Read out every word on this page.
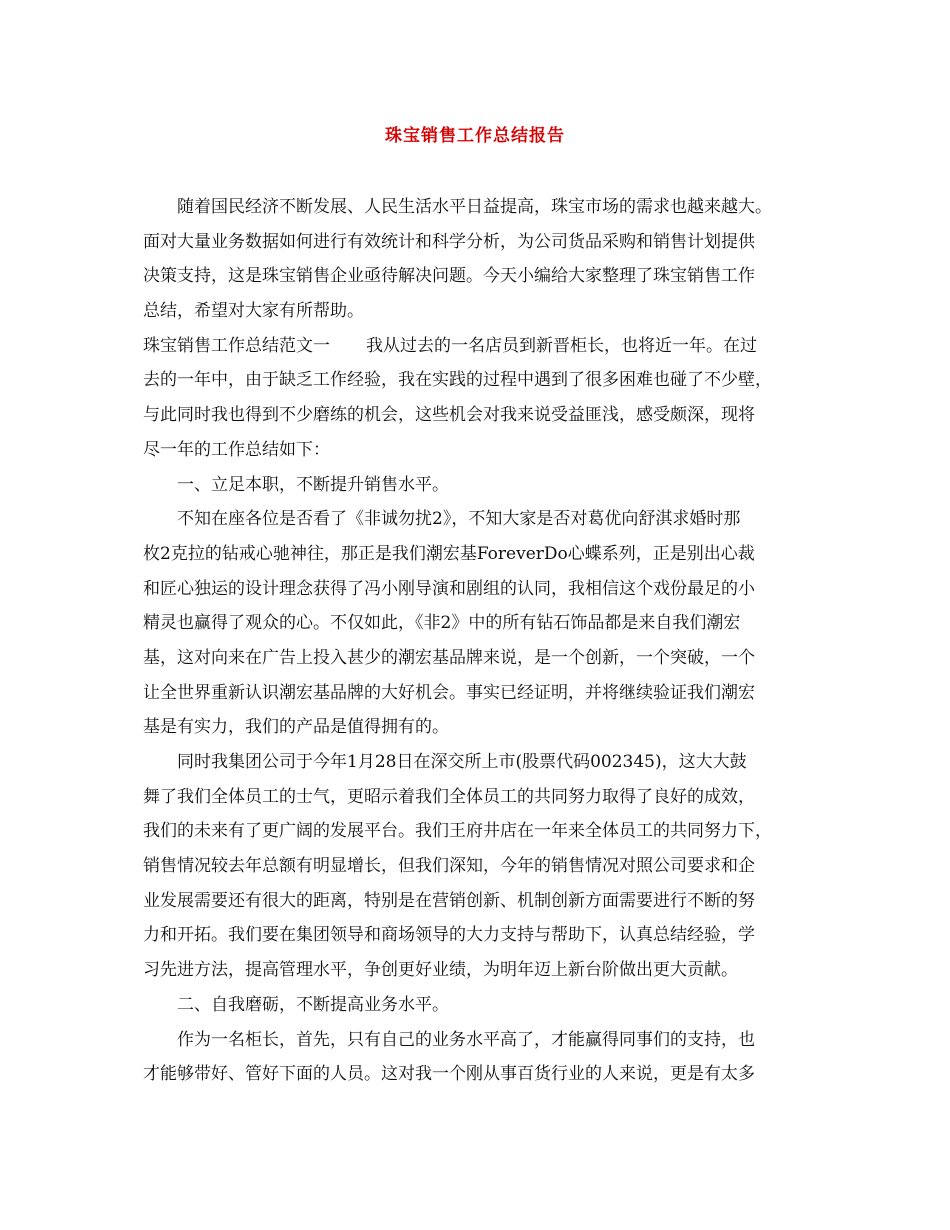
珠宝销售工作总结报告
随着国民经济不断发展、人民生活水平日益提高，珠宝市场的需求也越来越大。
面对大量业务数据如何进行有效统计和科学分析，为公司货品采购和销售计划提供
决策支持，这是珠宝销售企业亟待解决问题。今天小编给大家整理了珠宝销售工作
总结，希望对大家有所帮助。
珠宝销售工作总结范文一 我从过去的一名店员到新晋柜长，也将近一年。在过
去的一年中，由于缺乏工作经验，我在实践的过程中遇到了很多困难也碰了不少壁，
与此同时我也得到不少磨练的机会，这些机会对我来说受益匪浅，感受颇深，现将
尽一年的工作总结如下：
一、立足本职，不断提升销售水平。
不知在座各位是否看了《非诚勿扰2》，不知大家是否对葛优向舒淇求婚时那
枚2克拉的钻戒心驰神往，那正是我们潮宏基ForeverDo心蝶系列，正是别出心裁
和匠心独运的设计理念获得了冯小刚导演和剧组的认同，我相信这个戏份最足的小
精灵也赢得了观众的心。不仅如此，《非2》中的所有钻石饰品都是来自我们潮宏
基，这对向来在广告上投入甚少的潮宏基品牌来说，是一个创新，一个突破，一个
让全世界重新认识潮宏基品牌的大好机会。事实已经证明，并将继续验证我们潮宏
基是有实力，我们的产品是值得拥有的。
同时我集团公司于今年1月28日在深交所上市(股票代码002345)，这大大鼓
舞了我们全体员工的士气，更昭示着我们全体员工的共同努力取得了良好的成效，
我们的未来有了更广阔的发展平台。我们王府井店在一年来全体员工的共同努力下，
销售情况较去年总额有明显增长，但我们深知，今年的销售情况对照公司要求和企
业发展需要还有很大的距离，特别是在营销创新、机制创新方面需要进行不断的努
力和开拓。我们要在集团领导和商场领导的大力支持与帮助下，认真总结经验，学
习先进方法，提高管理水平，争创更好业绩，为明年迈上新台阶做出更大贡献。
二、自我磨砺，不断提高业务水平。
作为一名柜长，首先，只有自己的业务水平高了，才能赢得同事们的支持，也
才能够带好、管好下面的人员。这对我一个刚从事百货行业的人来说，更是有太多
